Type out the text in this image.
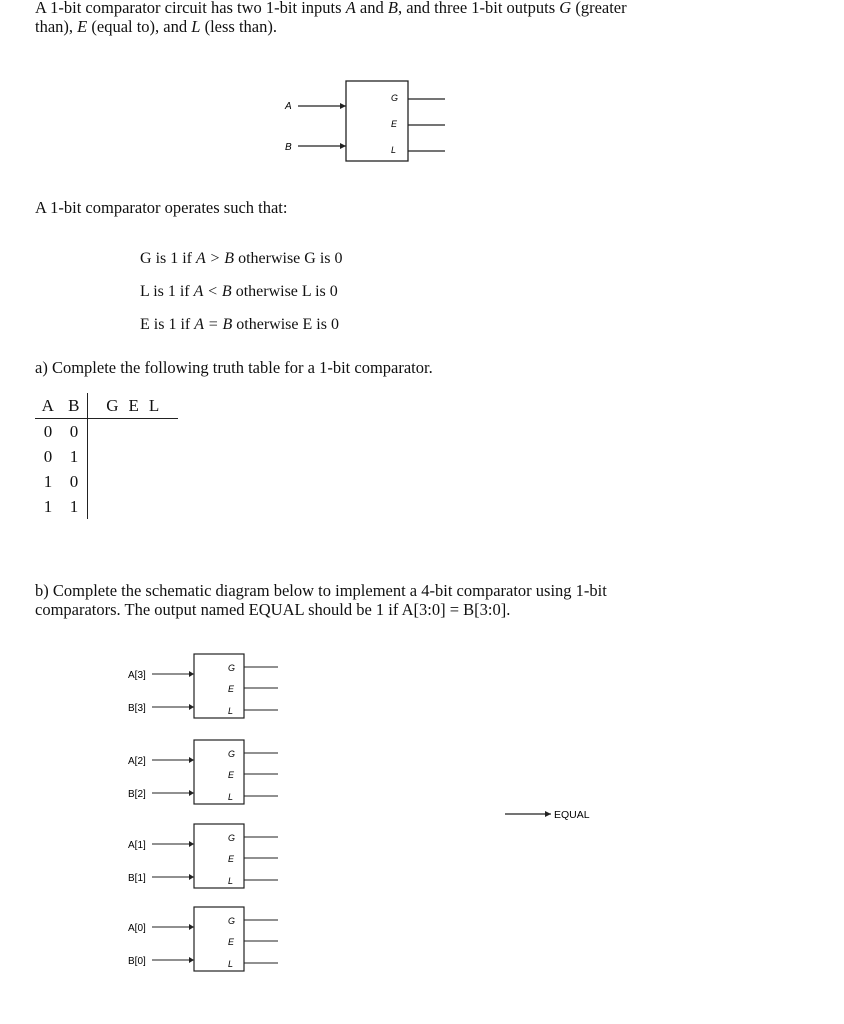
A 1-bit comparator circuit has two 1-bit inputs A and B, and three 1-bit outputs G (greater
than), E (equal to), and L (less than).
A
B
G
E
L
A 1-bit comparator operates such that:
G is 1 if A > B otherwise G is 0
L is 1 if A < B otherwise L is 0
E is 1 if A = B otherwise E is 0
a) Complete the following truth table for a 1-bit comparator.
A	B	G  E  L
0	0	
0	1	
1	0	
1	1	
b) Complete the schematic diagram below to implement a 4-bit comparator using 1-bit
comparators. The output named EQUAL should be 1 if A[3:0] = B[3:0].
A[3]
B[3]
G
E
L
A[2]
B[2]
G
E
L
A[1]
B[1]
G
E
L
A[0]
B[0]
G
E
L
EQUAL
